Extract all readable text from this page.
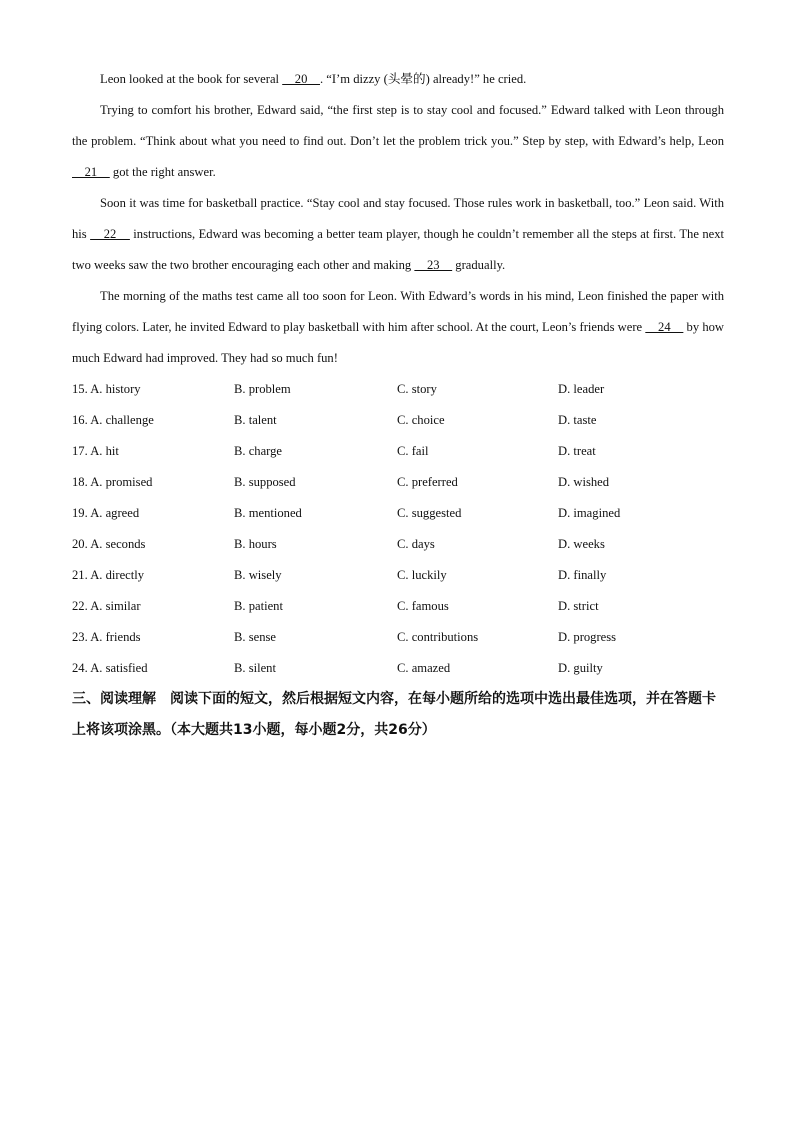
Leon looked at the book for several     20    . “I’m dizzy (头晕的) already!” he cried.

Trying to comfort his brother, Edward said, “the first step is to stay cool and focused.” Edward talked with Leon through the problem. “Think about what you need to find out. Don’t let the problem trick you.” Step by step, with Edward’s help, Leon     21     got the right answer.

Soon it was time for basketball practice. “Stay cool and stay focused. Those rules work in basketball, too.” Leon said. With his     22     instructions, Edward was becoming a better team player, though he couldn’t remember all the steps at first. The next two weeks saw the two brother encouraging each other and making     23     gradually.

The morning of the maths test came all too soon for Leon. With Edward’s words in his mind, Leon finished the paper with flying colors. Later, he invited Edward to play basketball with him after school. At the court, Leon’s friends were     24     by how much Edward had improved. They had so much fun!

15. A. history	B. problem	C. story	D. leader
16. A. challenge	B. talent	C. choice	D. taste
17. A. hit	B. charge	C. fail	D. treat
18. A. promised	B. supposed	C. preferred	D. wished
19. A. agreed	B. mentioned	C. suggested	D. imagined
20. A. seconds	B. hours	C. days	D. weeks
21. A. directly	B. wisely	C. luckily	D. finally
22. A. similar	B. patient	C. famous	D. strict
23. A. friends	B. sense	C. contributions	D. progress
24. A. satisfied	B. silent	C. amazed	D. guilty

三、阅读理解　阅读下面的短文，然后根据短文内容，在每小题所给的选项中选出最佳选项，并在答题卡上将该项涂黑。（本大题共13小题，每小题2分，共26分）
